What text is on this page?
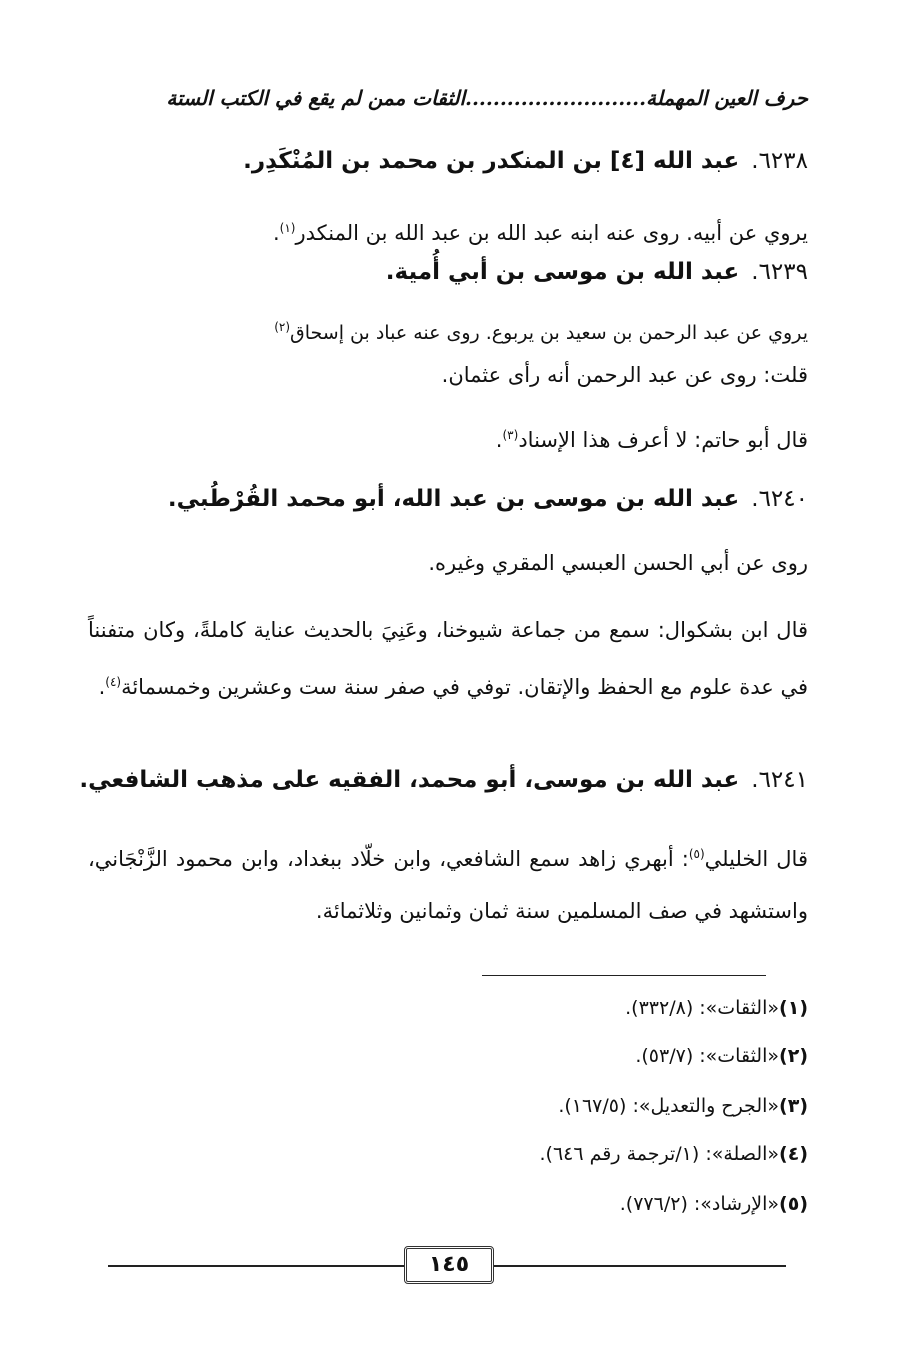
حرف العين المهملة..........................الثقات ممن لم يقع في الكتب الستة
٦٢٣٨.عبد الله [٤] بن المنكدر بن محمد بن المُنْكَدِر.
يروي عن أبيه. روى عنه ابنه عبد الله بن عبد الله بن المنكدر$^{(١)}$.
٦٢٣٩.عبد الله بن موسى بن أبي أُمية.
يروي عن عبد الرحمن بن سعيد بن يربوع. روى عنه عباد بن إسحاق$^{(٢)}$
قلت: روى عن عبد الرحمن أنه رأى عثمان.
قال أبو حاتم: لا أعرف هذا الإسناد$^{(٣)}$.
٦٢٤٠.عبد الله بن موسى بن عبد الله، أبو محمد القُرْطُبي.
روى عن أبي الحسن العبسي المقري وغيره.
قال ابن بشكوال: سمع من جماعة شيوخنا، وعَنِيَ بالحديث عناية كاملةً، وكان متفنناً في عدة علوم مع الحفظ والإتقان. توفي في صفر سنة ست وعشرين وخمسمائة$^{(٤)}$.
٦٢٤١.عبد الله بن موسى، أبو محمد، الفقيه على مذهب الشافعي.
قال الخليلي$^{(٥)}$: أبهري زاهد سمع الشافعي، وابن خلّاد ببغداد، وابن محمود الزَّنْجَاني، واستشهد في صف المسلمين سنة ثمان وثمانين وثلاثمائة.
(١)«الثقات»: (٣٣٢/٨).
(٢)«الثقات»: (٥٣/٧).
(٣)«الجرح والتعديل»: (١٦٧/٥).
(٤)«الصلة»: (١/ترجمة رقم ٦٤٦).
(٥)«الإرشاد»: (٧٧٦/٢).
١٤٥
